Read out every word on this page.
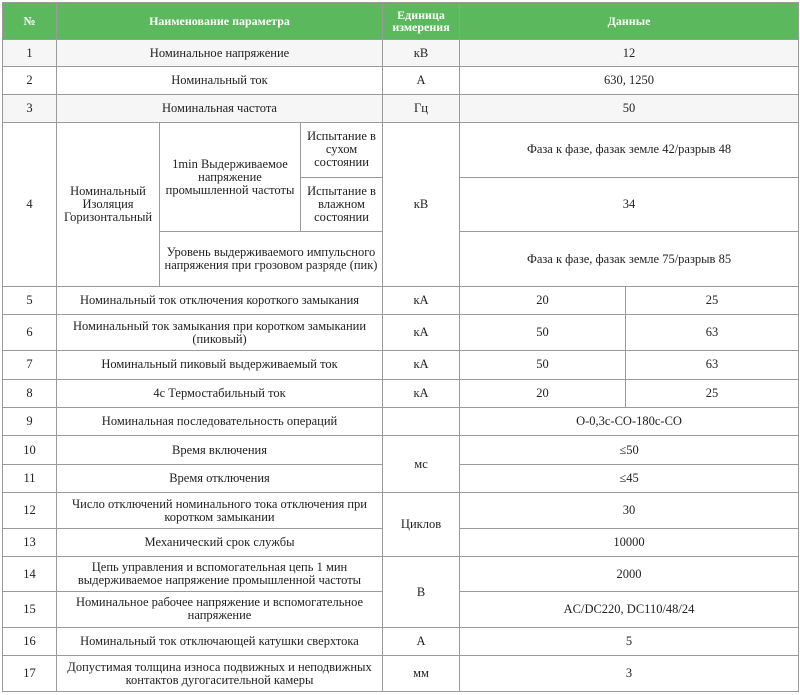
№	Наименование параметра			Единица измерения	Данные	
1	Номинальное напряжение			кВ	12	
2	Номинальный ток			А	630, 1250	
3	Номинальная частота			Гц	50	
4	Номинальный Изоляция Горизонтальный	1min Выдерживаемое напряжение промышленной частоты	Испытание в сухом состоянии	кВ	Фаза к фазе, фазак земле 42/разрыв 48	
			Испытание в влажном состоянии		34	
		Уровень выдерживаемого импульсного напряжения при грозовом разряде (пик)			Фаза к фазе, фазак земле 75/разрыв 85	
5	Номинальный ток отключения короткого замыкания			кА	20	25
6	Номинальный ток замыкания при коротком замыкании (пиковый)			кА	50	63
7	Номинальный пиковый выдерживаемый ток			кА	50	63
8	4с Термостабильный ток			кА	20	25
9	Номинальная последовательность операций				O-0,3с-CO-180с-CO	
10	Время включения			мс	≤50	
11	Время отключения				≤45	
12	Число отключений номинального тока отключения при коротком замыкании			Циклов	30	
13	Механический срок службы				10000	
14	Цепь управления и вспомогательная цепь 1 мин выдерживаемое напряжение промышленной частоты			В	2000	
15	Номинальное рабочее напряжение и вспомогательное напряжение				AC/DC220, DC110/48/24	
16	Номинальный ток отключающей катушки сверхтока			А	5	
17	Допустимая толщина износа подвижных и неподвижных контактов дугогасительной камеры			мм	3	
